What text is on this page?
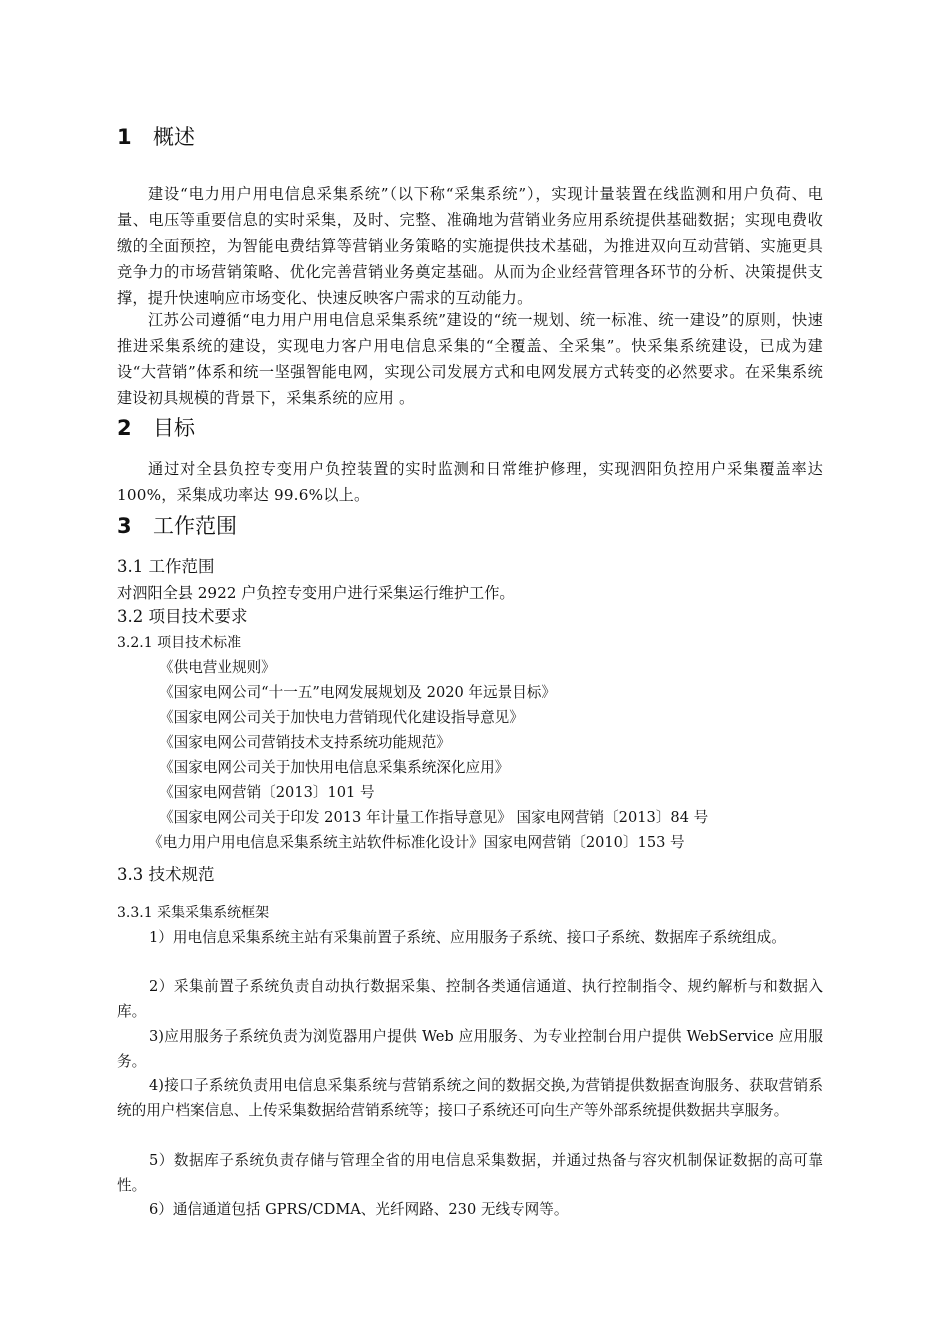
1 概述
建设“电力用户用电信息采集系统”（以下称“采集系统”），实现计量装置在线监测和用户负荷、电量、电压等重要信息的实时采集，及时、完整、准确地为营销业务应用系统提供基础数据；实现电费收缴的全面预控，为智能电费结算等营销业务策略的实施提供技术基础，为推进双向互动营销、实施更具竞争力的市场营销策略、优化完善营销业务奠定基础。从而为企业经营管理各环节的分析、决策提供支撑，提升快速响应市场变化、快速反映客户需求的互动能力。
江苏公司遵循“电力用户用电信息采集系统”建设的“统一规划、统一标准、统一建设”的原则，快速推进采集系统的建设，实现电力客户用电信息采集的“全覆盖、全采集”。快采集系统建设，已成为建设“大营销”体系和统一坚强智能电网，实现公司发展方式和电网发展方式转变的必然要求。在采集系统建设初具规模的背景下，采集系统的应用 。
2 目标
通过对全县负控专变用户负控装置的实时监测和日常维护修理，实现泗阳负控用户采集覆盖率达 100%，采集成功率达 99.6%以上。
3 工作范围
3.1 工作范围
对泗阳全县 2922 户负控专变用户进行采集运行维护工作。
3.2 项目技术要求
3.2.1 项目技术标准
《供电营业规则》
《国家电网公司“十一五”电网发展规划及 2020 年远景目标》
《国家电网公司关于加快电力营销现代化建设指导意见》
《国家电网公司营销技术支持系统功能规范》
《国家电网公司关于加快用电信息采集系统深化应用》
《国家电网营销〔2013〕101 号
《国家电网公司关于印发 2013 年计量工作指导意见》 国家电网营销〔2013〕84 号
《电力用户用电信息采集系统主站软件标准化设计》国家电网营销〔2010〕153 号
3.3 技术规范
3.3.1 采集采集系统框架
1）用电信息采集系统主站有采集前置子系统、应用服务子系统、接口子系统、数据库子系统组成。
2）采集前置子系统负责自动执行数据采集、控制各类通信通道、执行控制指令、规约解析与和数据入库。
3)应用服务子系统负责为浏览器用户提供 Web 应用服务、为专业控制台用户提供 WebService 应用服务。
4)接口子系统负责用电信息采集系统与营销系统之间的数据交换,为营销提供数据查询服务、获取营销系统的用户档案信息、上传采集数据给营销系统等；接口子系统还可向生产等外部系统提供数据共享服务。
5）数据库子系统负责存储与管理全省的用电信息采集数据，并通过热备与容灾机制保证数据的高可靠性。
6）通信通道包括 GPRS/CDMA、光纤网路、230 无线专网等。
